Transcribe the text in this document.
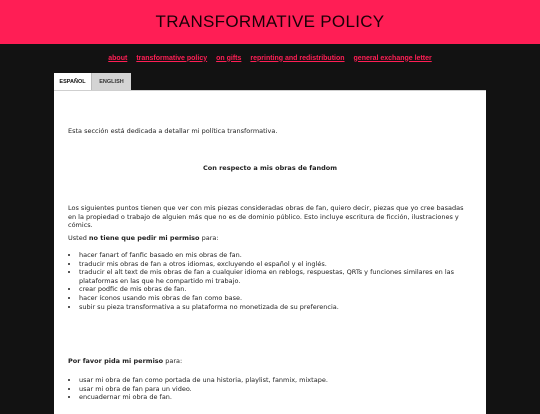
TRANSFORMATIVE POLICY
about transformative policy on gifts reprinting and redistribution general exchange letter
ESPAÑOL	ENGLISH

Esta sección está dedicada a detallar mi política transformativa.

Con respecto a mis obras de fandom

Los siguientes puntos tienen que ver con mis piezas consideradas obras de fan, quiero decir, piezas que yo cree basadas en la propiedad o trabajo de alguien más que no es de dominio público. Esto incluye escritura de ficción, ilustraciones y cómics.

Usted no tiene que pedir mi permiso para:

• hacer fanart of fanfic basado en mis obras de fan.
• traducir mis obras de fan a otros idiomas, excluyendo el español y el inglés.
• traducir el alt text de mis obras de fan a cualquier idioma en reblogs, respuestas, QRTs y funciones similares en las plataformas en las que he compartido mi trabajo.
• crear podfic de mis obras de fan.
• hacer íconos usando mis obras de fan como base.
• subir su pieza transformativa a su plataforma no monetizada de su preferencia.

Por favor pida mi permiso para:

• usar mi obra de fan como portada de una historia, playlist, fanmix, mixtape.
• usar mi obra de fan para un video.
• encuadernar mi obra de fan.
